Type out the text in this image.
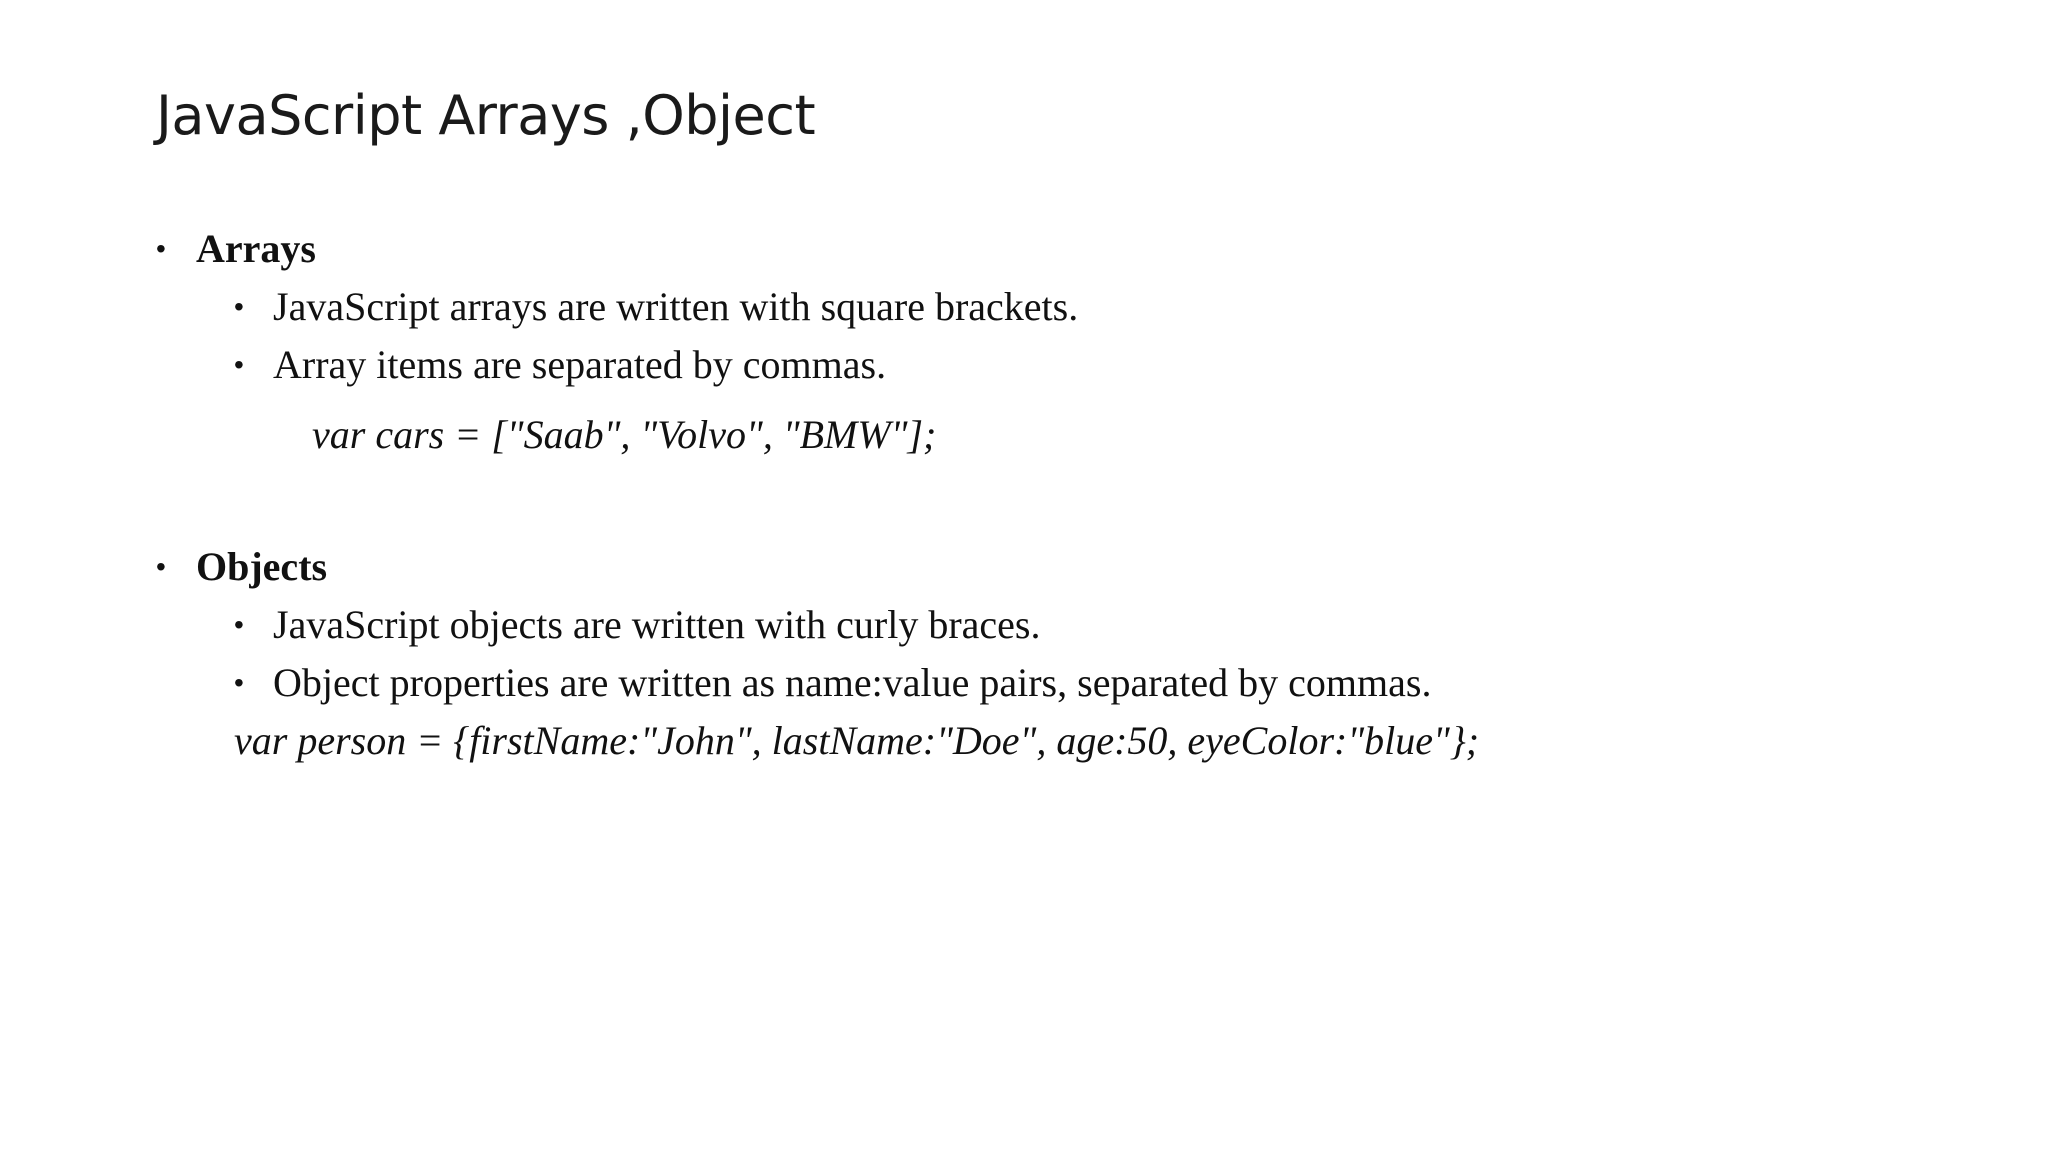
JavaScript Arrays ,Object
• Arrays
• JavaScript arrays are written with square brackets.
• Array items are separated by commas.
var cars = ["Saab", "Volvo", "BMW"];
• Objects
• JavaScript objects are written with curly braces.
• Object properties are written as name:value pairs, separated by commas.
var person = {firstName:"John", lastName:"Doe", age:50, eyeColor:"blue"};
